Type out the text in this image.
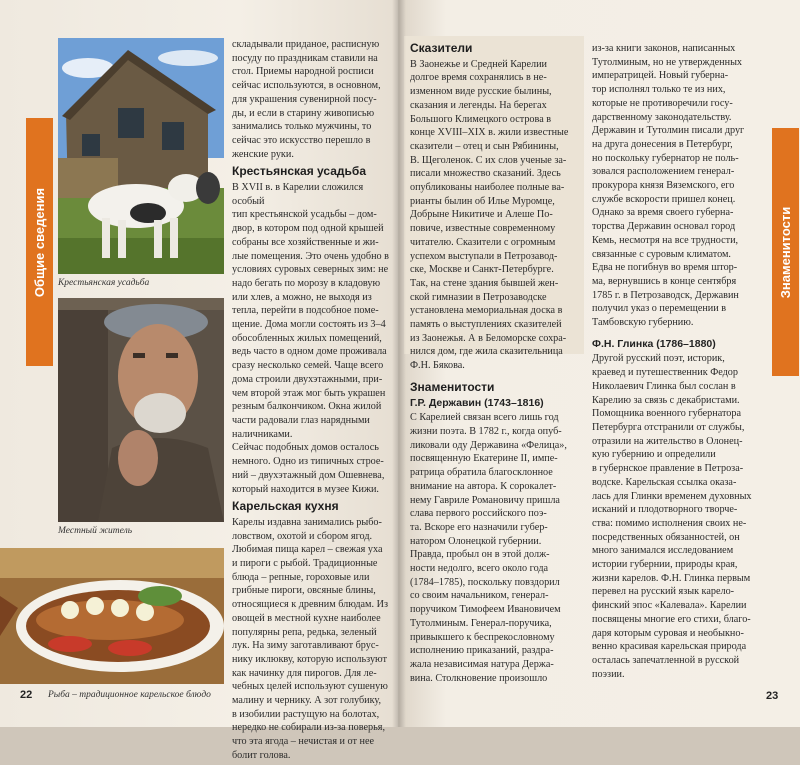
Общие сведения Крестьянская усадьба
Местный житель

складывали приданое, расписную
посуду по праздникам ставили на
стол. Приемы народной росписи
сейчас используются, в основном,
для украшения сувенирной посу-
ды, и если в старину живописью
занимались только мужчины, то
сейчас это искусство перешло в
женские руки.

Крестьянская усадьба

В XVII в. в Карелии сложился особый
тип крестьянской усадьбы – дом-
двор, в котором под одной крышей
собраны все хозяйственные и жи-
лые помещения. Это очень удобно в
условиях суровых северных зим: не
надо бегать по морозу в кладовую
или хлев, а можно, не выходя из
тепла, перейти в подсобное поме-
щение. Дома могли состоять из 3–4
обособленных жилых помещений,
ведь часто в одном доме проживала
сразу несколько семей. Чаще всего
дома строили двухэтажными, при-
чем второй этаж мог быть украшен
резным балкончиком. Окна жилой
части радовали глаз нарядными
наличниками.
Сейчас подобных домов осталось
немного. Одно из типичных строе-
ний – двухэтажный дом Ошевнева,
который находится в музее Кижи.

Карельская кухня

Карелы издавна занимались рыбо-
ловством, охотой и сбором ягод.
Любимая пища карел – свежая уха
и пироги с рыбой. Традиционные
блюда – репные, гороховые или
грибные пироги, овсяные блины,
относящиеся к древним блюдам. Из
овощей в местной кухне наиболее
популярны репа, редька, зеленый
лук. На зиму заготавливают брус-
нику иклюкву, которую используют
как начинку для пирогов. Для ле-
чебных целей используют сушеную
малину и чернику. А зот голубику,
в изобилии растущую на болотах,
нередко не собирали из-за поверья,
что эта ягода – нечистая и от нее
болит голова.

22 Рыба – традиционное карельское блюдо
Сказители

В Заонежье и Средней Карелии
долгое время сохранялись в не-
изменном виде русские былины,
сказания и легенды. На берегах
Большого Климецкого острова в
конце XVIII–XIX в. жили известные
сказители – отец и сын Рябинины,
В. Щеголенок. С их слов ученые за-
писали множество сказаний. Здесь
опубликованы наиболее полные ва-
рианты былин об Илье Муромце,
Добрыне Никитиче и Алеше По-
повиче, известные современному
читателю. Сказители с огромным
успехом выступали в Петрозавод-
ске, Москве и Санкт-Петербурге.
Так, на стене здания бывшей жен-
ской гимназии в Петрозаводске
установлена мемориальная доска в
память о выступлениях сказителей
из Заонежья. А в Беломорске сохра-
нился дом, где жила сказительница
Ф.Н. Бякова.

Знаменитости
Г.Р. Державин (1743–1816)

С Карелией связан всего лишь год
жизни поэта. В 1782 г., когда опуб-
ликовали оду Державина «Фелица»,
посвященную Екатерине II, импе-
ратрица обратила благосклонное
внимание на автора. К сорокалет-
нему Гавриле Романовичу пришла
слава первого российского поэ-
та. Вскоре его назначили губер-
натором Олонецкой губернии.
Правда, пробыл он в этой долж-
ности недолго, всего около года
(1784–1785), поскольку повздорил
со своим начальником, генерал-
поручиком Тимофеем Ивановичем
Тутолминым. Генерал-поручика,
привыкшего к беспрекословному
исполнению приказаний, раздра-
жала независимая натура Держа-
вина. Столкновение произошло

из-за книги законов, написанных
Тутолминым, но не утвержденных
императрицей. Новый губерна-
тор исполнял только те из них,
которые не противоречили госу-
дарственному законодательству.
Державин и Тутолмин писали друг
на друга донесения в Петербург,
но поскольку губернатор не поль-
зовался расположением генерал-
прокурора князя Вяземского, его
службе вскорости пришел конец.
Однако за время своего губерна-
торства Державин основал город
Кемь, несмотря на все трудности,
связанные с суровым климатом.
Едва не погибнув во время штор-
ма, вернувшись в конце сентября
1785 г. в Петрозаводск, Державин
получил указ о перемещении в
Тамбовскую губернию.

Ф.Н. Глинка (1786–1880)

Другой русский поэт, историк,
краевед и путешественник Федор
Николаевич Глинка был сослан в
Карелию за связь с декабристами.
Помощника военного губернатора
Петербурга отстранили от службы,
отразили на жительство в Олонец-
кую губернию и определили
в губернское правление в Петроза-
водске. Карельская ссылка оказа-
лась для Глинки временем духовных
исканий и плодотворного творче-
ства: помимо исполнения своих не-
посредственных обязанностей, он
много занимался исследованием
истории губернии, природы края,
жизни карелов. Ф.Н. Глинка первым
перевел на русский язык карело-
финский эпос «Калевала». Карелии
посвящены многие его стихи, благо-
даря которым суровая и необыкно-
венно красивая карельская природа
осталась запечатленной в русской
поэзии.

Знаменитости
23
